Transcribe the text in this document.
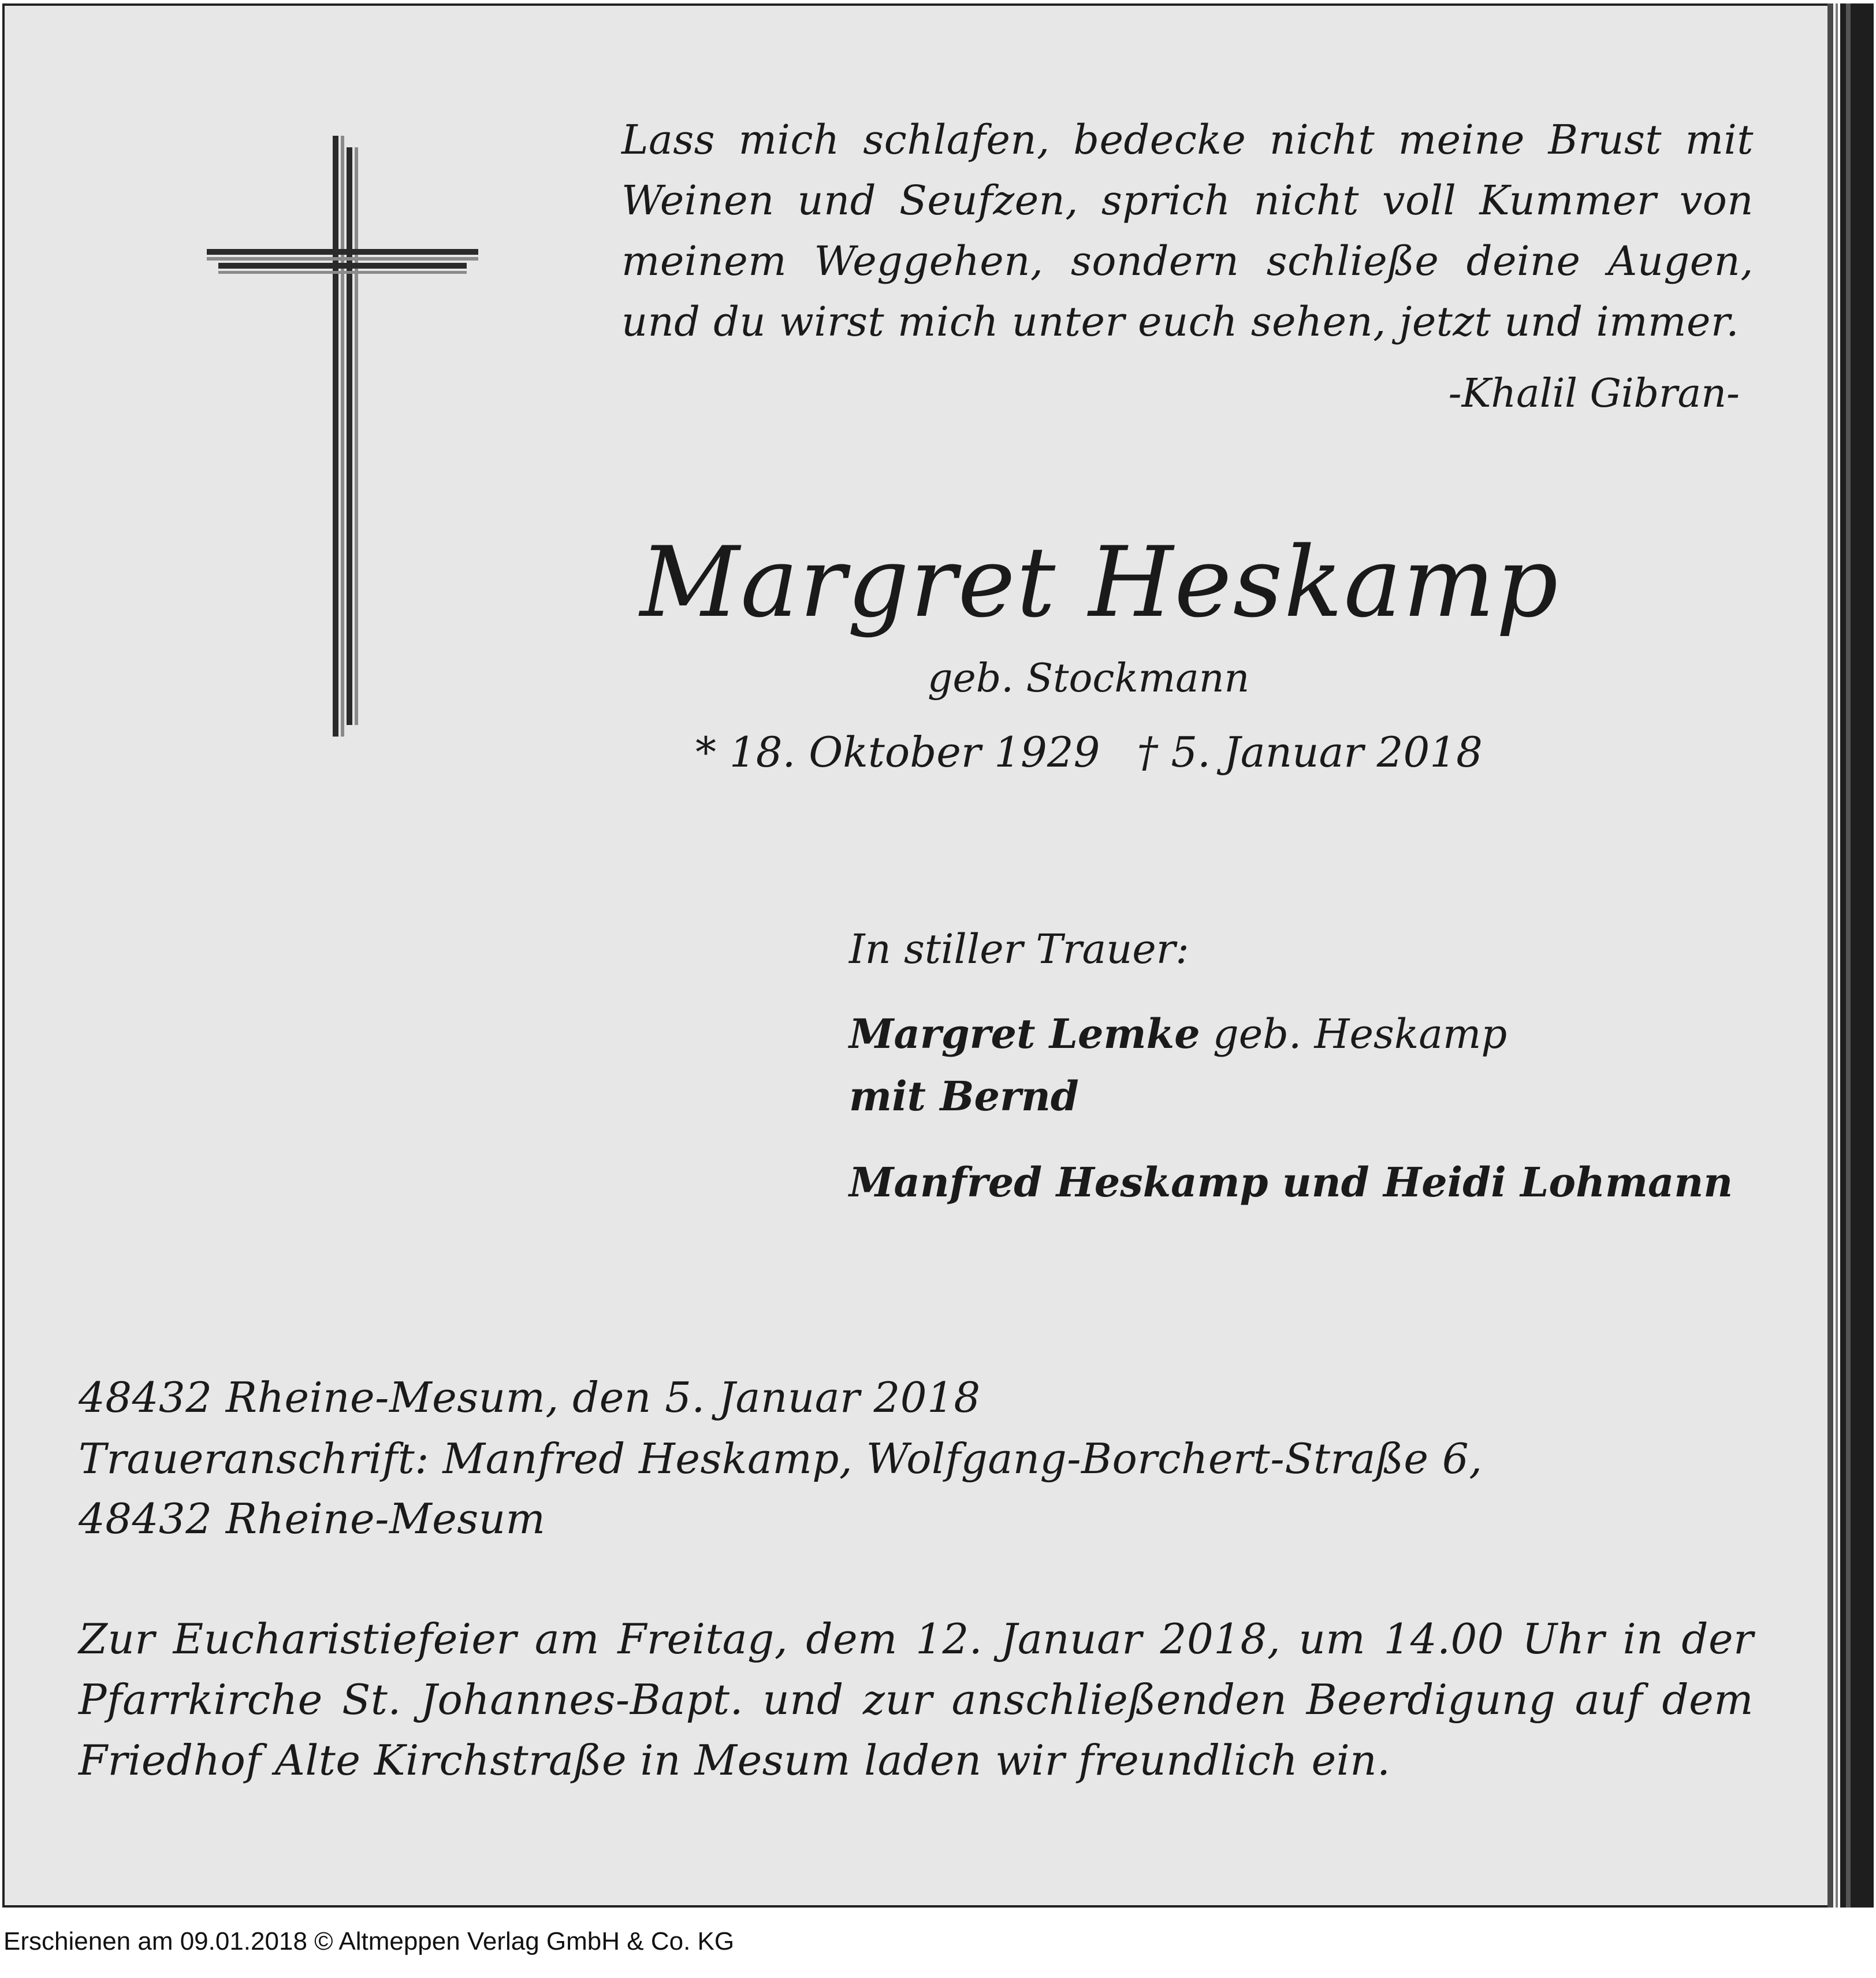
Lass mich schlafen, bedecke nicht meine Brust mit
Weinen und Seufzen, sprich nicht voll Kummer von
meinem Weggehen, sondern schließe deine Augen,
und du wirst mich unter euch sehen, jetzt und immer.
-Khalil Gibran-
Margret Heskamp
geb. Stockmann
* 18. Oktober 1929 † 5. Januar 2018
In stiller Trauer:
Margret Lemke geb. Heskamp
mit Bernd
Manfred Heskamp und Heidi Lohmann
48432 Rheine-Mesum, den 5. Januar 2018
Traueranschrift: Manfred Heskamp, Wolfgang-Borchert-Straße 6,
48432 Rheine-Mesum
Zur Eucharistiefeier am Freitag, dem 12. Januar 2018, um 14.00 Uhr in der
Pfarrkirche St. Johannes-Bapt. und zur anschließenden Beerdigung auf dem
Friedhof Alte Kirchstraße in Mesum laden wir freundlich ein.
Erschienen am 09.01.2018 © Altmeppen Verlag GmbH & Co. KG
